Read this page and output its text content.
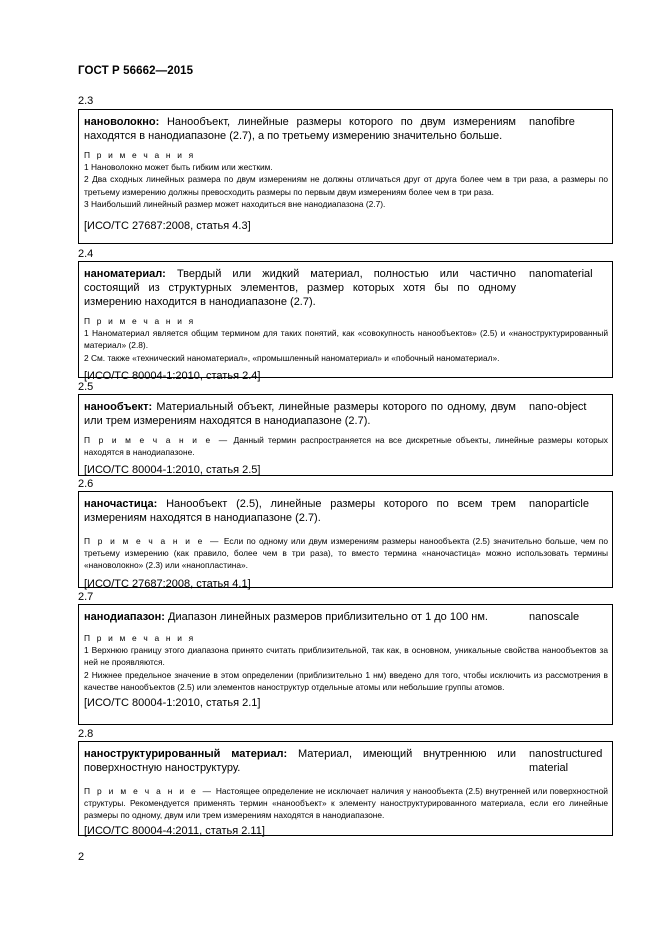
ГОСТ Р 56662—2015
2.3
нановолокно: Нанообъект, линейные размеры которого по двум измерениям находятся в нанодиапазоне (2.7), а по третьему измерению значительно больше.
nanofibre
П р и м е ч а н и я
1 Нановолокно может быть гибким или жестким.
2 Два сходных линейных размера по двум измерениям не должны отличаться друг от друга более чем в три раза, а размеры по третьему измерению должны превосходить размеры по первым двум измерениям более чем в три раза.
3 Наибольший линейный размер может находиться вне нанодиапазона (2.7).
[ИСО/ТС 27687:2008, статья 4.3]
2.4
наноматериал: Твердый или жидкий материал, полностью или частично состоящий из структурных элементов, размер которых хотя бы по одному измерению находится в нанодиапазоне (2.7).
nanomaterial
П р и м е ч а н и я
1 Наноматериал является общим термином для таких понятий, как «совокупность нанообъектов» (2.5) и «наноструктурированный материал» (2.8).
2 См. также «технический наноматериал», «промышленный наноматериал» и «побочный наноматериал».
[ИСО/ТС 80004-1:2010, статья 2.4]
2.5
нанообъект: Материальный объект, линейные размеры которого по одному, двум или трем измерениям находятся в нанодиапазоне (2.7).
nano-object
П р и м е ч а н и е — Данный термин распространяется на все дискретные объекты, линейные размеры которых находятся в нанодиапазоне.
[ИСО/ТС 80004-1:2010, статья 2.5]
2.6
наночастица: Нанообъект (2.5), линейные размеры которого по всем трем измерениям находятся в нанодиапазоне (2.7).
nanoparticle
П р и м е ч а н и е — Если по одному или двум измерениям размеры нанообъекта (2.5) значительно больше, чем по третьему измерению (как правило, более чем в три раза), то вместо термина «наночастица» можно использовать термины «нановолокно» (2.3) или «нанопластина».
[ИСО/ТС 27687:2008, статья 4.1]
2.7
нанодиапазон: Диапазон линейных размеров приблизительно от 1 до 100 нм.	nanoscale
П р и м е ч а н и я
1 Верхнюю границу этого диапазона принято считать приблизительной, так как, в основном, уникальные свойства нанообъектов за ней не проявляются.
2 Нижнее предельное значение в этом определении (приблизительно 1 нм) введено для того, чтобы исключить из рассмотрения в качестве нанообъектов (2.5) или элементов наноструктур отдельные атомы или небольшие группы атомов.
[ИСО/ТС 80004-1:2010, статья 2.1]
2.8
наноструктурированный материал: Материал, имеющий внутреннюю или поверхностную наноструктуру.
nanostructured material
П р и м е ч а н и е — Настоящее определение не исключает наличия у нанообъекта (2.5) внутренней или поверхностной структуры. Рекомендуется применять термин «нанообъект» к элементу наноструктурированного материала, если его линейные размеры по одному, двум или трем измерениям находятся в нанодиапазоне.
[ИСО/ТС 80004-4:2011, статья 2.11]
2
